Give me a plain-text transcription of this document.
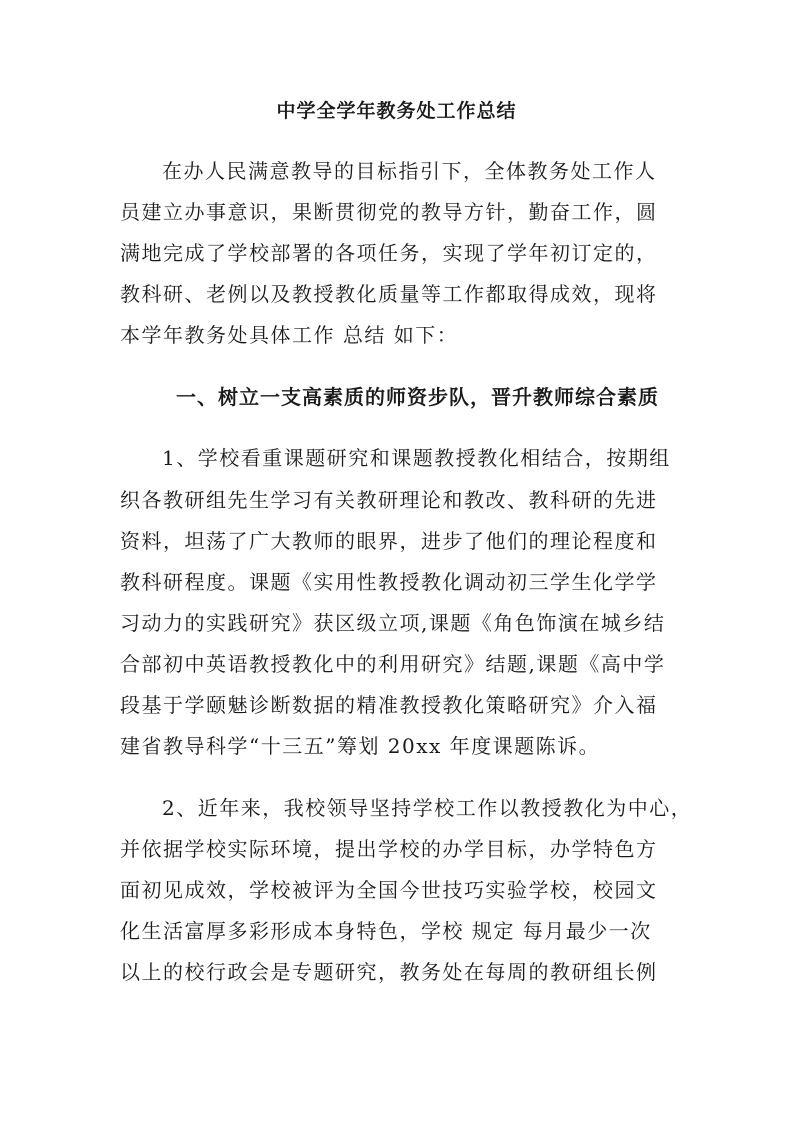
中学全学年教务处工作总结
在办人民满意教导的目标指引下，全体教务处工作人
员建立办事意识，果断贯彻党的教导方针，勤奋工作，圆
满地完成了学校部署的各项任务，实现了学年初订定的，
教科研、老例以及教授教化质量等工作都取得成效，现将
本学年教务处具体工作 总结 如下：
一、树立一支高素质的师资步队，晋升教师综合素质
1、学校看重课题研究和课题教授教化相结合，按期组
织各教研组先生学习有关教研理论和教改、教科研的先进
资料，坦荡了广大教师的眼界，进步了他们的理论程度和
教科研程度。课题《实用性教授教化调动初三学生化学学
习动力的实践研究》获区级立项,课题《角色饰演在城乡结
合部初中英语教授教化中的利用研究》结题,课题《高中学
段基于学颐魅诊断数据的精准教授教化策略研究》介入福
建省教导科学“十三五”筹划 20xx 年度课题陈诉。
2、近年来，我校领导坚持学校工作以教授教化为中心，
并依据学校实际环境，提出学校的办学目标，办学特色方
面初见成效，学校被评为全国今世技巧实验学校，校园文
化生活富厚多彩形成本身特色，学校 规定 每月最少一次
以上的校行政会是专题研究，教务处在每周的教研组长例
